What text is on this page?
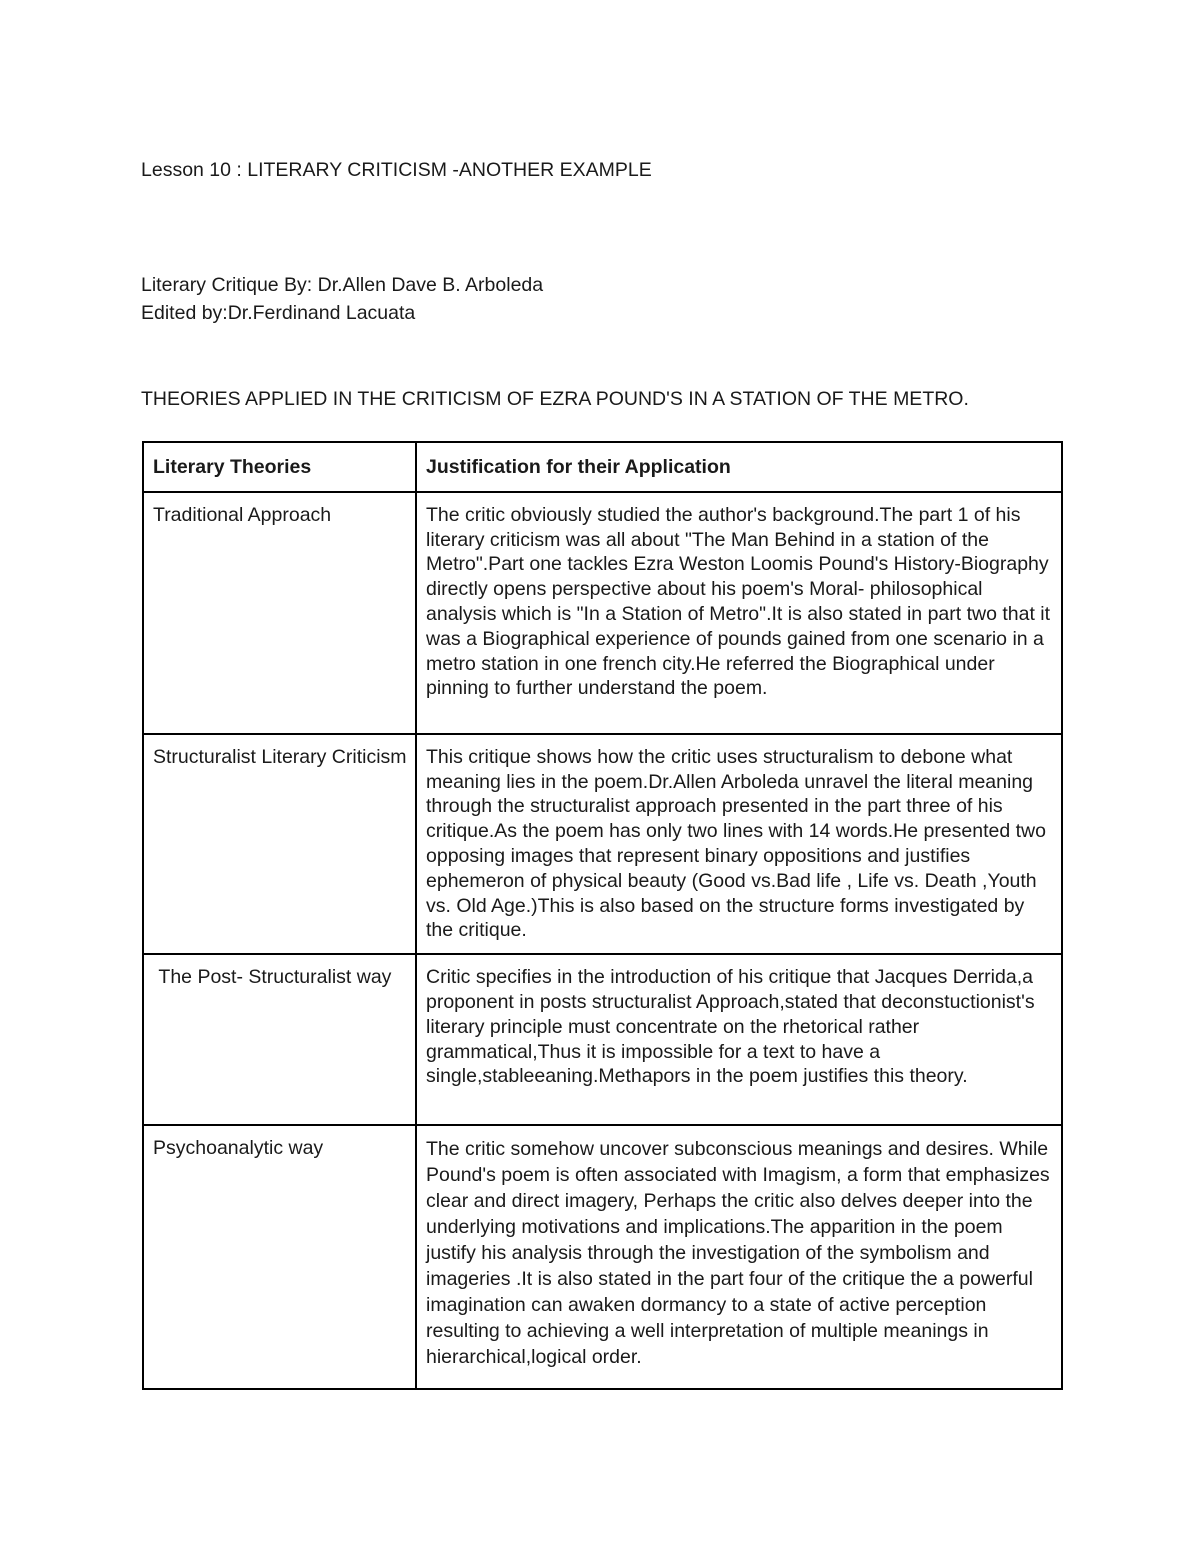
Lesson 10 : LITERARY CRITICISM -ANOTHER EXAMPLE
Literary Critique By: Dr.Allen Dave B. Arboleda
Edited by:Dr.Ferdinand Lacuata
THEORIES APPLIED IN THE CRITICISM OF EZRA POUND'S IN A STATION OF THE METRO.
Literary Theories	Justification for their Application
Traditional Approach	The critic obviously studied the author's background.The part 1 of his literary criticism was all about "The Man Behind in a station of the Metro".Part one tackles Ezra Weston Loomis Pound's History-Biography directly opens perspective about his poem's Moral- philosophical analysis which is "In a Station of Metro".It is also stated in part two that it was a Biographical experience of pounds gained from one scenario in a metro station in one french city.He referred the Biographical under pinning to further understand the poem.
Structuralist Literary Criticism	This critique shows how the critic uses structuralism to debone what meaning lies in the poem.Dr.Allen Arboleda unravel the literal meaning through the structuralist approach presented in the part three of his critique.As the poem has only two lines with 14 words.He presented two opposing images that represent binary oppositions and justifies ephemeron of physical beauty (Good vs.Bad life , Life vs. Death ,Youth vs. Old Age.)This is also based on the structure forms investigated by the critique.
The Post- Structuralist way	Critic specifies in the introduction of his critique that Jacques Derrida,a proponent in posts structuralist Approach,stated that deconstuctionist's literary principle must concentrate on the rhetorical rather grammatical,Thus it is impossible for a text to have a single,stableeaning.Methapors in the poem justifies this theory.
Psychoanalytic way	The critic somehow uncover subconscious meanings and desires. While Pound's poem is often associated with Imagism, a form that emphasizes clear and direct imagery, Perhaps the critic also delves deeper into the underlying motivations and implications.The apparition in the poem justify his analysis through the investigation of the symbolism and imageries .It is also stated in the part four of the critique the a powerful imagination can awaken dormancy to a state of active perception resulting to achieving a well interpretation of multiple meanings in hierarchical,logical order.
